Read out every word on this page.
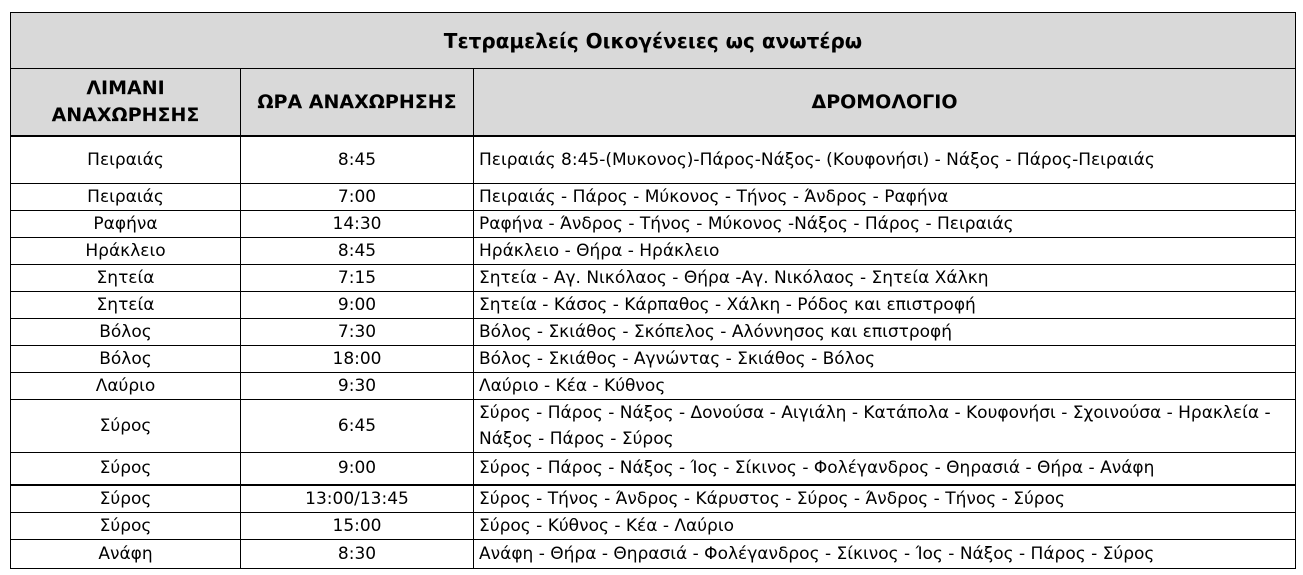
Τετραμελείς Οικογένειες ως ανωτέρω		
ΛΙΜΑΝΙ ΑΝΑΧΩΡΗΣΗΣ	ΩΡΑ ΑΝΑΧΩΡΗΣΗΣ	ΔΡΟΜΟΛΟΓΙΟ
Πειραιάς	8:45	Πειραιάς 8:45-(Μυκονος)-Πάρος-Νάξος- (Κουφονήσι) - Νάξος - Πάρος-Πειραιάς
Πειραιάς	7:00	Πειραιάς - Πάρος - Μύκονος - Τήνος - Άνδρος - Ραφήνα
Ραφήνα	14:30	Ραφήνα - Άνδρος - Τήνος - Μύκονος -Νάξος - Πάρος - Πειραιάς
Ηράκλειο	8:45	Ηράκλειο - Θήρα - Ηράκλειο
Σητεία	7:15	Σητεία - Αγ. Νικόλαος - Θήρα -Αγ. Νικόλαος - Σητεία Χάλκη
Σητεία	9:00	Σητεία - Κάσος - Κάρπαθος - Χάλκη - Ρόδος και επιστροφή
Βόλος	7:30	Βόλος - Σκιάθος - Σκόπελος - Αλόννησος και επιστροφή
Βόλος	18:00	Βόλος - Σκιάθος - Αγνώντας - Σκιάθος - Βόλος
Λαύριο	9:30	Λαύριο - Κέα - Κύθνος
Σύρος	6:45	Σύρος - Πάρος - Νάξος - Δονούσα - Αιγιάλη - Κατάπολα - Κουφονήσι - Σχοινούσα - Ηρακλεία - Νάξος - Πάρος - Σύρος
Σύρος	9:00	Σύρος - Πάρος - Νάξος - Ίος - Σίκινος - Φολέγανδρος - Θηρασιά - Θήρα - Ανάφη
Σύρος	13:00/13:45	Σύρος - Τήνος - Άνδρος - Κάρυστος - Σύρος - Άνδρος - Τήνος - Σύρος
Σύρος	15:00	Σύρος - Κύθνος - Κέα - Λαύριο
Ανάφη	8:30	Ανάφη - Θήρα - Θηρασιά - Φολέγανδρος - Σίκινος - Ίος - Νάξος - Πάρος - Σύρος
